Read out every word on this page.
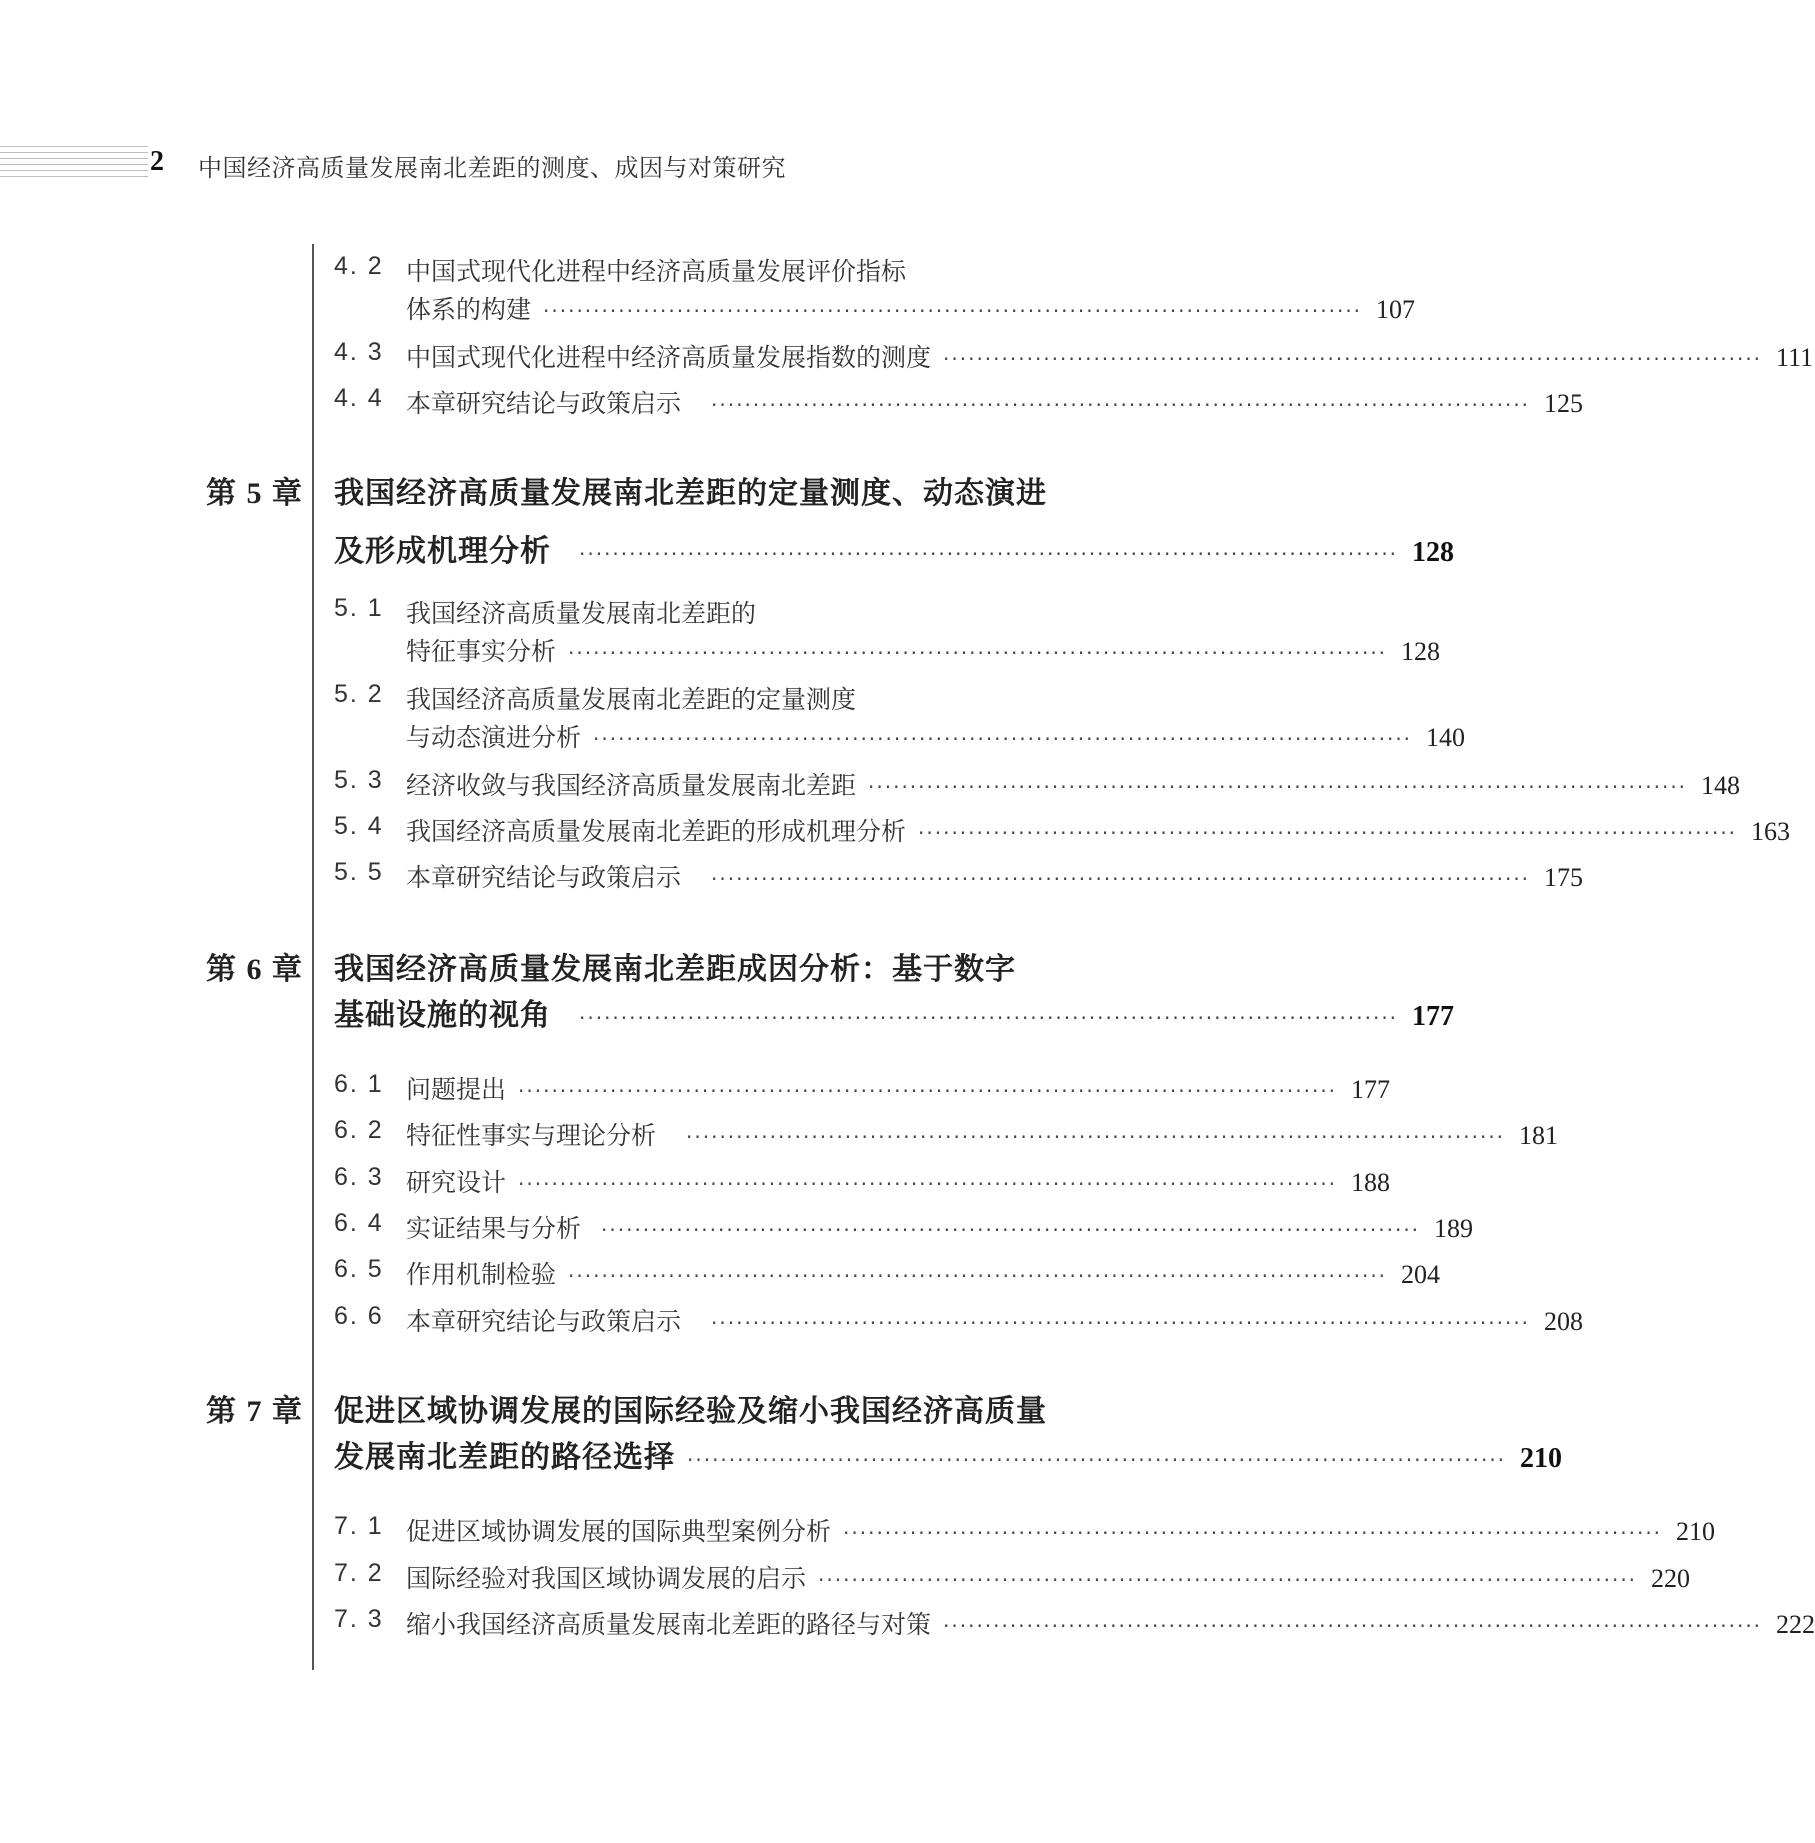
2 中国经济高质量发展南北差距的测度、成因与对策研究
4. 2 中国式现代化进程中经济高质量发展评价指标
体系的构建 ·································································································· 107
4. 3 中国式现代化进程中经济高质量发展指数的测度 ·································································································· 111
4. 4 本章研究结论与政策启示 ·································································································· 125
第 5 章 我国经济高质量发展南北差距的定量测度、动态演进
及形成机理分析 ·································································································· 128
5. 1 我国经济高质量发展南北差距的
特征事实分析 ·································································································· 128
5. 2 我国经济高质量发展南北差距的定量测度
与动态演进分析 ·································································································· 140
5. 3 经济收敛与我国经济高质量发展南北差距 ·································································································· 148
5. 4 我国经济高质量发展南北差距的形成机理分析 ·································································································· 163
5. 5 本章研究结论与政策启示 ·································································································· 175
第 6 章 我国经济高质量发展南北差距成因分析：基于数字
基础设施的视角 ·································································································· 177
6. 1 问题提出 ·································································································· 177
6. 2 特征性事实与理论分析 ·································································································· 181
6. 3 研究设计 ·································································································· 188
6. 4 实证结果与分析 ·································································································· 189
6. 5 作用机制检验 ·································································································· 204
6. 6 本章研究结论与政策启示 ·································································································· 208
第 7 章 促进区域协调发展的国际经验及缩小我国经济高质量
发展南北差距的路径选择 ·································································································· 210
7. 1 促进区域协调发展的国际典型案例分析 ·································································································· 210
7. 2 国际经验对我国区域协调发展的启示 ·································································································· 220
7. 3 缩小我国经济高质量发展南北差距的路径与对策 ·································································································· 222
